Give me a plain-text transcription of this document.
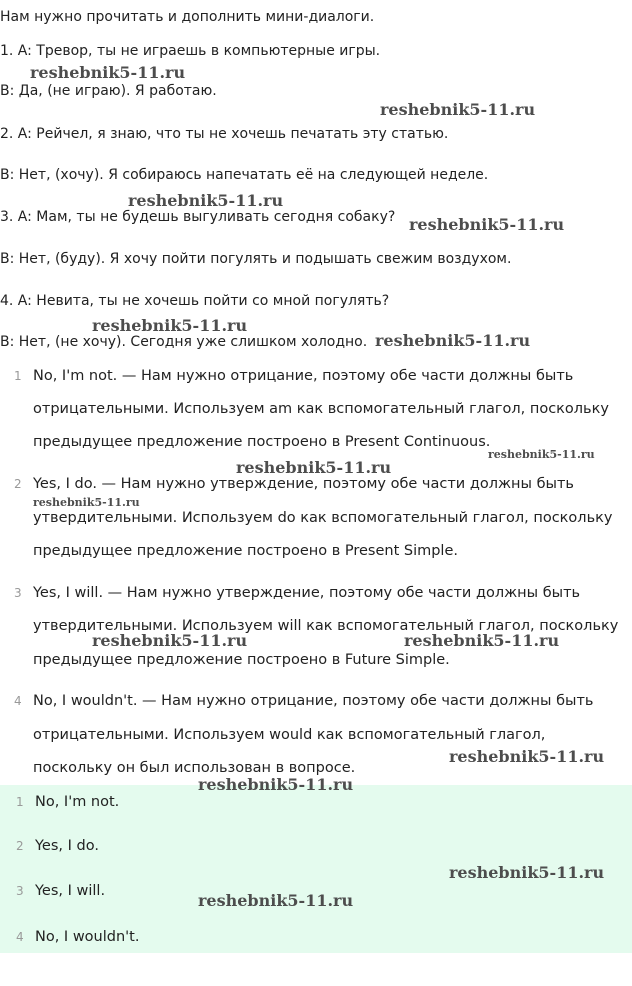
Нам нужно прочитать и дополнить мини-диалоги.
1. A: Тревор, ты не играешь в компьютерные игры.
B: Да, (не играю). Я работаю.
2. A: Рейчел, я знаю, что ты не хочешь печатать эту статью.
B: Нет, (хочу). Я собираюсь напечатать её на следующей неделе.
3. A: Мам, ты не будешь выгуливать сегодня собаку?
B: Нет, (буду). Я хочу пойти погулять и подышать свежим воздухом.
4. A: Невита, ты не хочешь пойти со мной погулять?
B: Нет, (не хочу). Сегодня уже слишком холодно.
1 No, I'm not. — Нам нужно отрицание, поэтому обе части должны быть
отрицательными. Используем am как вспомогательный глагол, поскольку
предыдущее предложение построено в Present Continuous.
2 Yes, I do. — Нам нужно утверждение, поэтому обе части должны быть
утвердительными. Используем do как вспомогательный глагол, поскольку
предыдущее предложение построено в Present Simple.
3 Yes, I will. — Нам нужно утверждение, поэтому обе части должны быть
утвердительными. Используем will как вспомогательный глагол, поскольку
предыдущее предложение построено в Future Simple.
4 No, I wouldn't. — Нам нужно отрицание, поэтому обе части должны быть
отрицательными. Используем would как вспомогательный глагол,
поскольку он был использован в вопросе.
1 No, I'm not.
2 Yes, I do.
3 Yes, I will.
4 No, I wouldn't.
reshebnik5-11.ru
reshebnik5-11.ru
reshebnik5-11.ru
reshebnik5-11.ru
reshebnik5-11.ru
reshebnik5-11.ru
reshebnik5-11.ru
reshebnik5-11.ru
reshebnik5-11.ru
reshebnik5-11.ru	reshebnik5-11.ru
reshebnik5-11.ru
reshebnik5-11.ru
reshebnik5-11.ru
reshebnik5-11.ru
